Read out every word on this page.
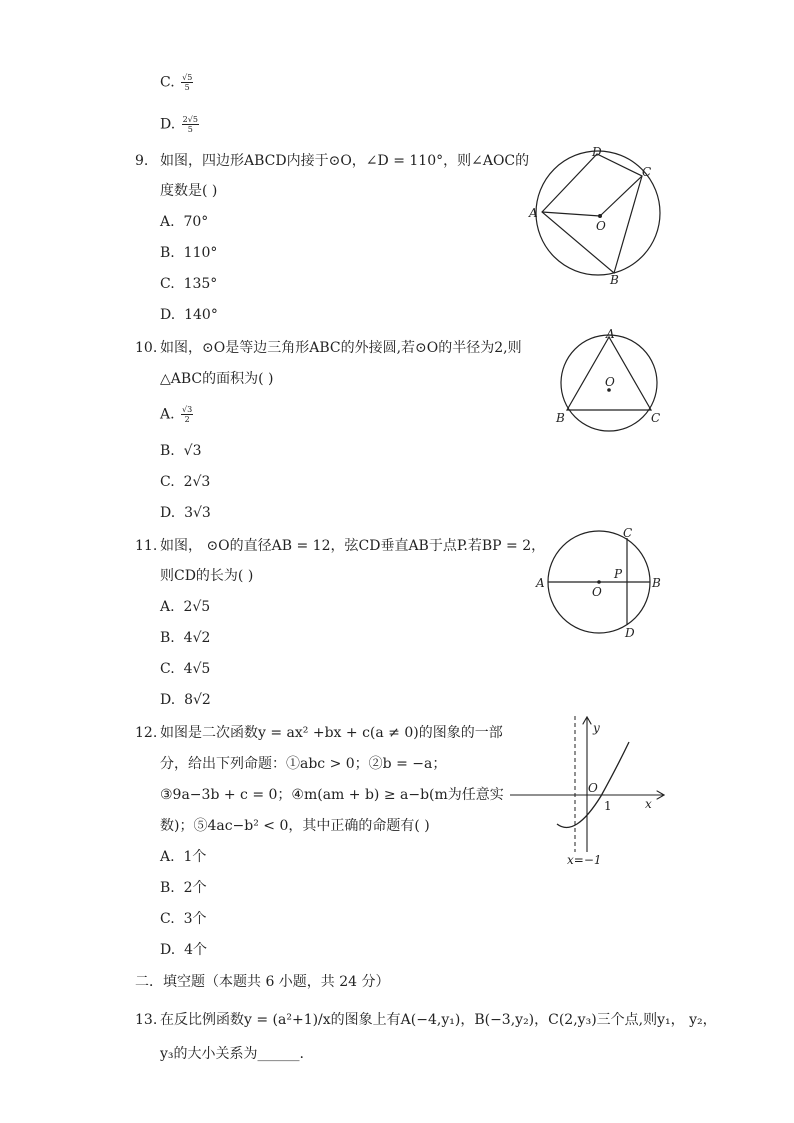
C. $\frac{√5}{5}$
D. $\frac{2√5}{5}$
9. 如图，四边形ABCD内接于⊙O，∠D = 110°，则∠AOC的
度数是( )
A. 70°
B. 110°
C. 135°
D. 140°
A
D
C
O
B
10. 如图，⊙O是等边三角形ABC的外接圆,若⊙O的半径为2,则
△ABC的面积为( )
A. $\frac{√3}{2}$
B. √3
C. 2√3
D. 3√3
A
O
B	C
11. 如图， ⊙O的直径AB = 12，弦CD垂直AB于点P.若BP = 2，
则CD的长为( )
A. 2√5
B. 4√2
C. 4√5
D. 8√2
A	B
C
D
O
P
12. 如图是二次函数y = ax² +bx + c(a ≠ 0)的图象的一部
分，给出下列命题：①abc > 0；②b = −a；
③9a−3b + c = 0；④m(am + b) ≥ a−b(m为任意实
数)；⑤4ac−b² < 0，其中正确的命题有( )
A. 1个
B. 2个
C. 3个
D. 4个
y
x
O
1
x=−1
二．填空题（本题共 6 小题，共 24 分）
13. 在反比例函数y = (a²+1)/x的图象上有A(−4,y₁)，B(−3,y₂)，C(2,y₃)三个点,则y₁， y₂，
y₃的大小关系为______.
